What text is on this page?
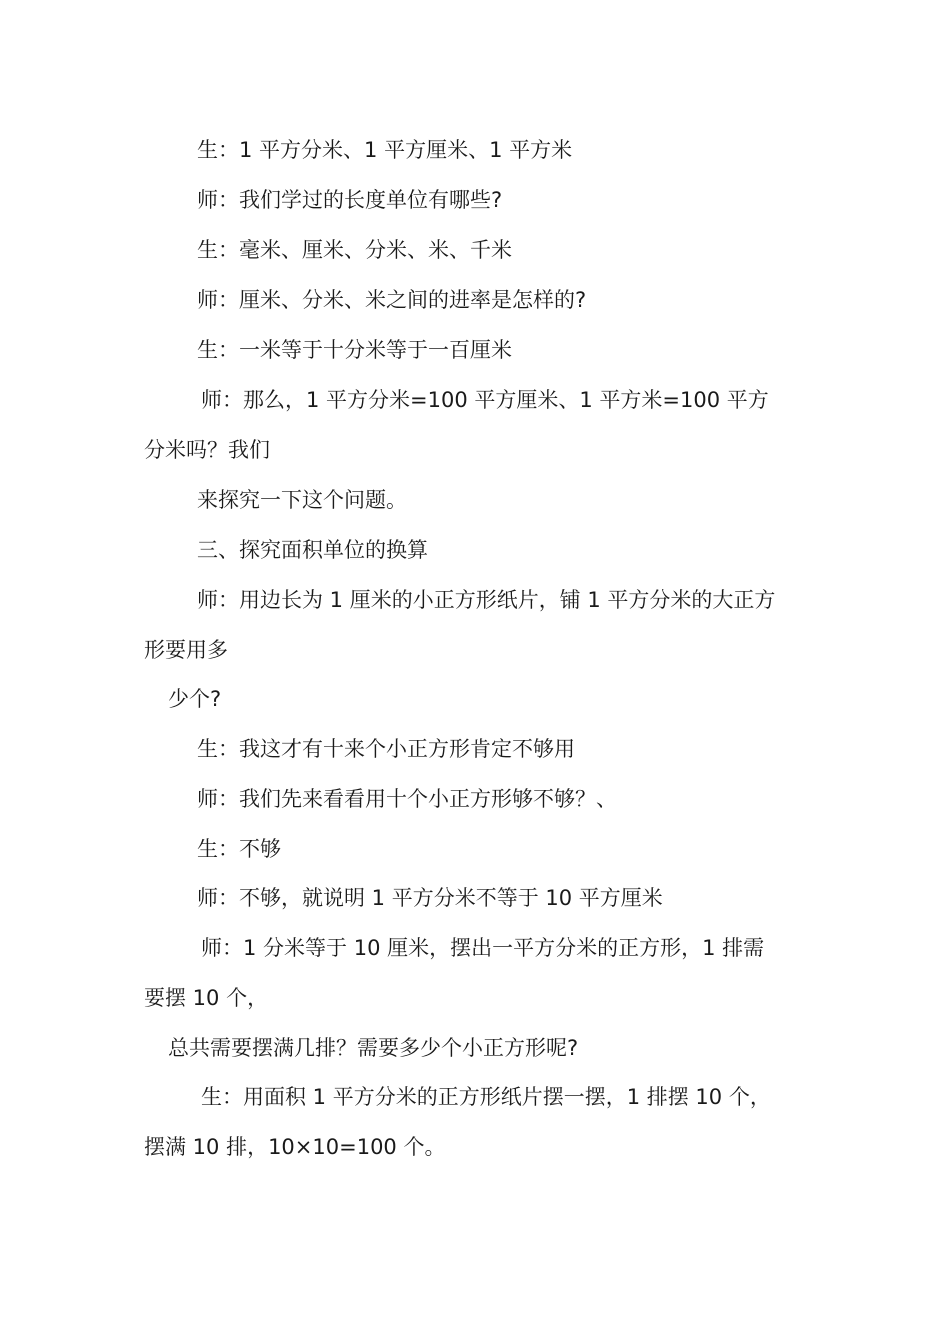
生：1 平方分米、1 平方厘米、1 平方米
师：我们学过的长度单位有哪些?
生：毫米、厘米、分米、米、千米
师：厘米、分米、米之间的进率是怎样的?
生：一米等于十分米等于一百厘米
师：那么，1 平方分米=100 平方厘米、1 平方米=100 平方
分米吗？我们
来探究一下这个问题。
三、探究面积单位的换算
师：用边长为 1 厘米的小正方形纸片，铺 1 平方分米的大正方
形要用多
少个?
生：我这才有十来个小正方形肯定不够用
师：我们先来看看用十个小正方形够不够？、
生：不够
师：不够，就说明 1 平方分米不等于 10 平方厘米
师：1 分米等于 10 厘米，摆出一平方分米的正方形，1 排需
要摆 10 个，
总共需要摆满几排？需要多少个小正方形呢?
生：用面积 1 平方分米的正方形纸片摆一摆，1 排摆 10 个，
摆满 10 排，10×10=100 个。
